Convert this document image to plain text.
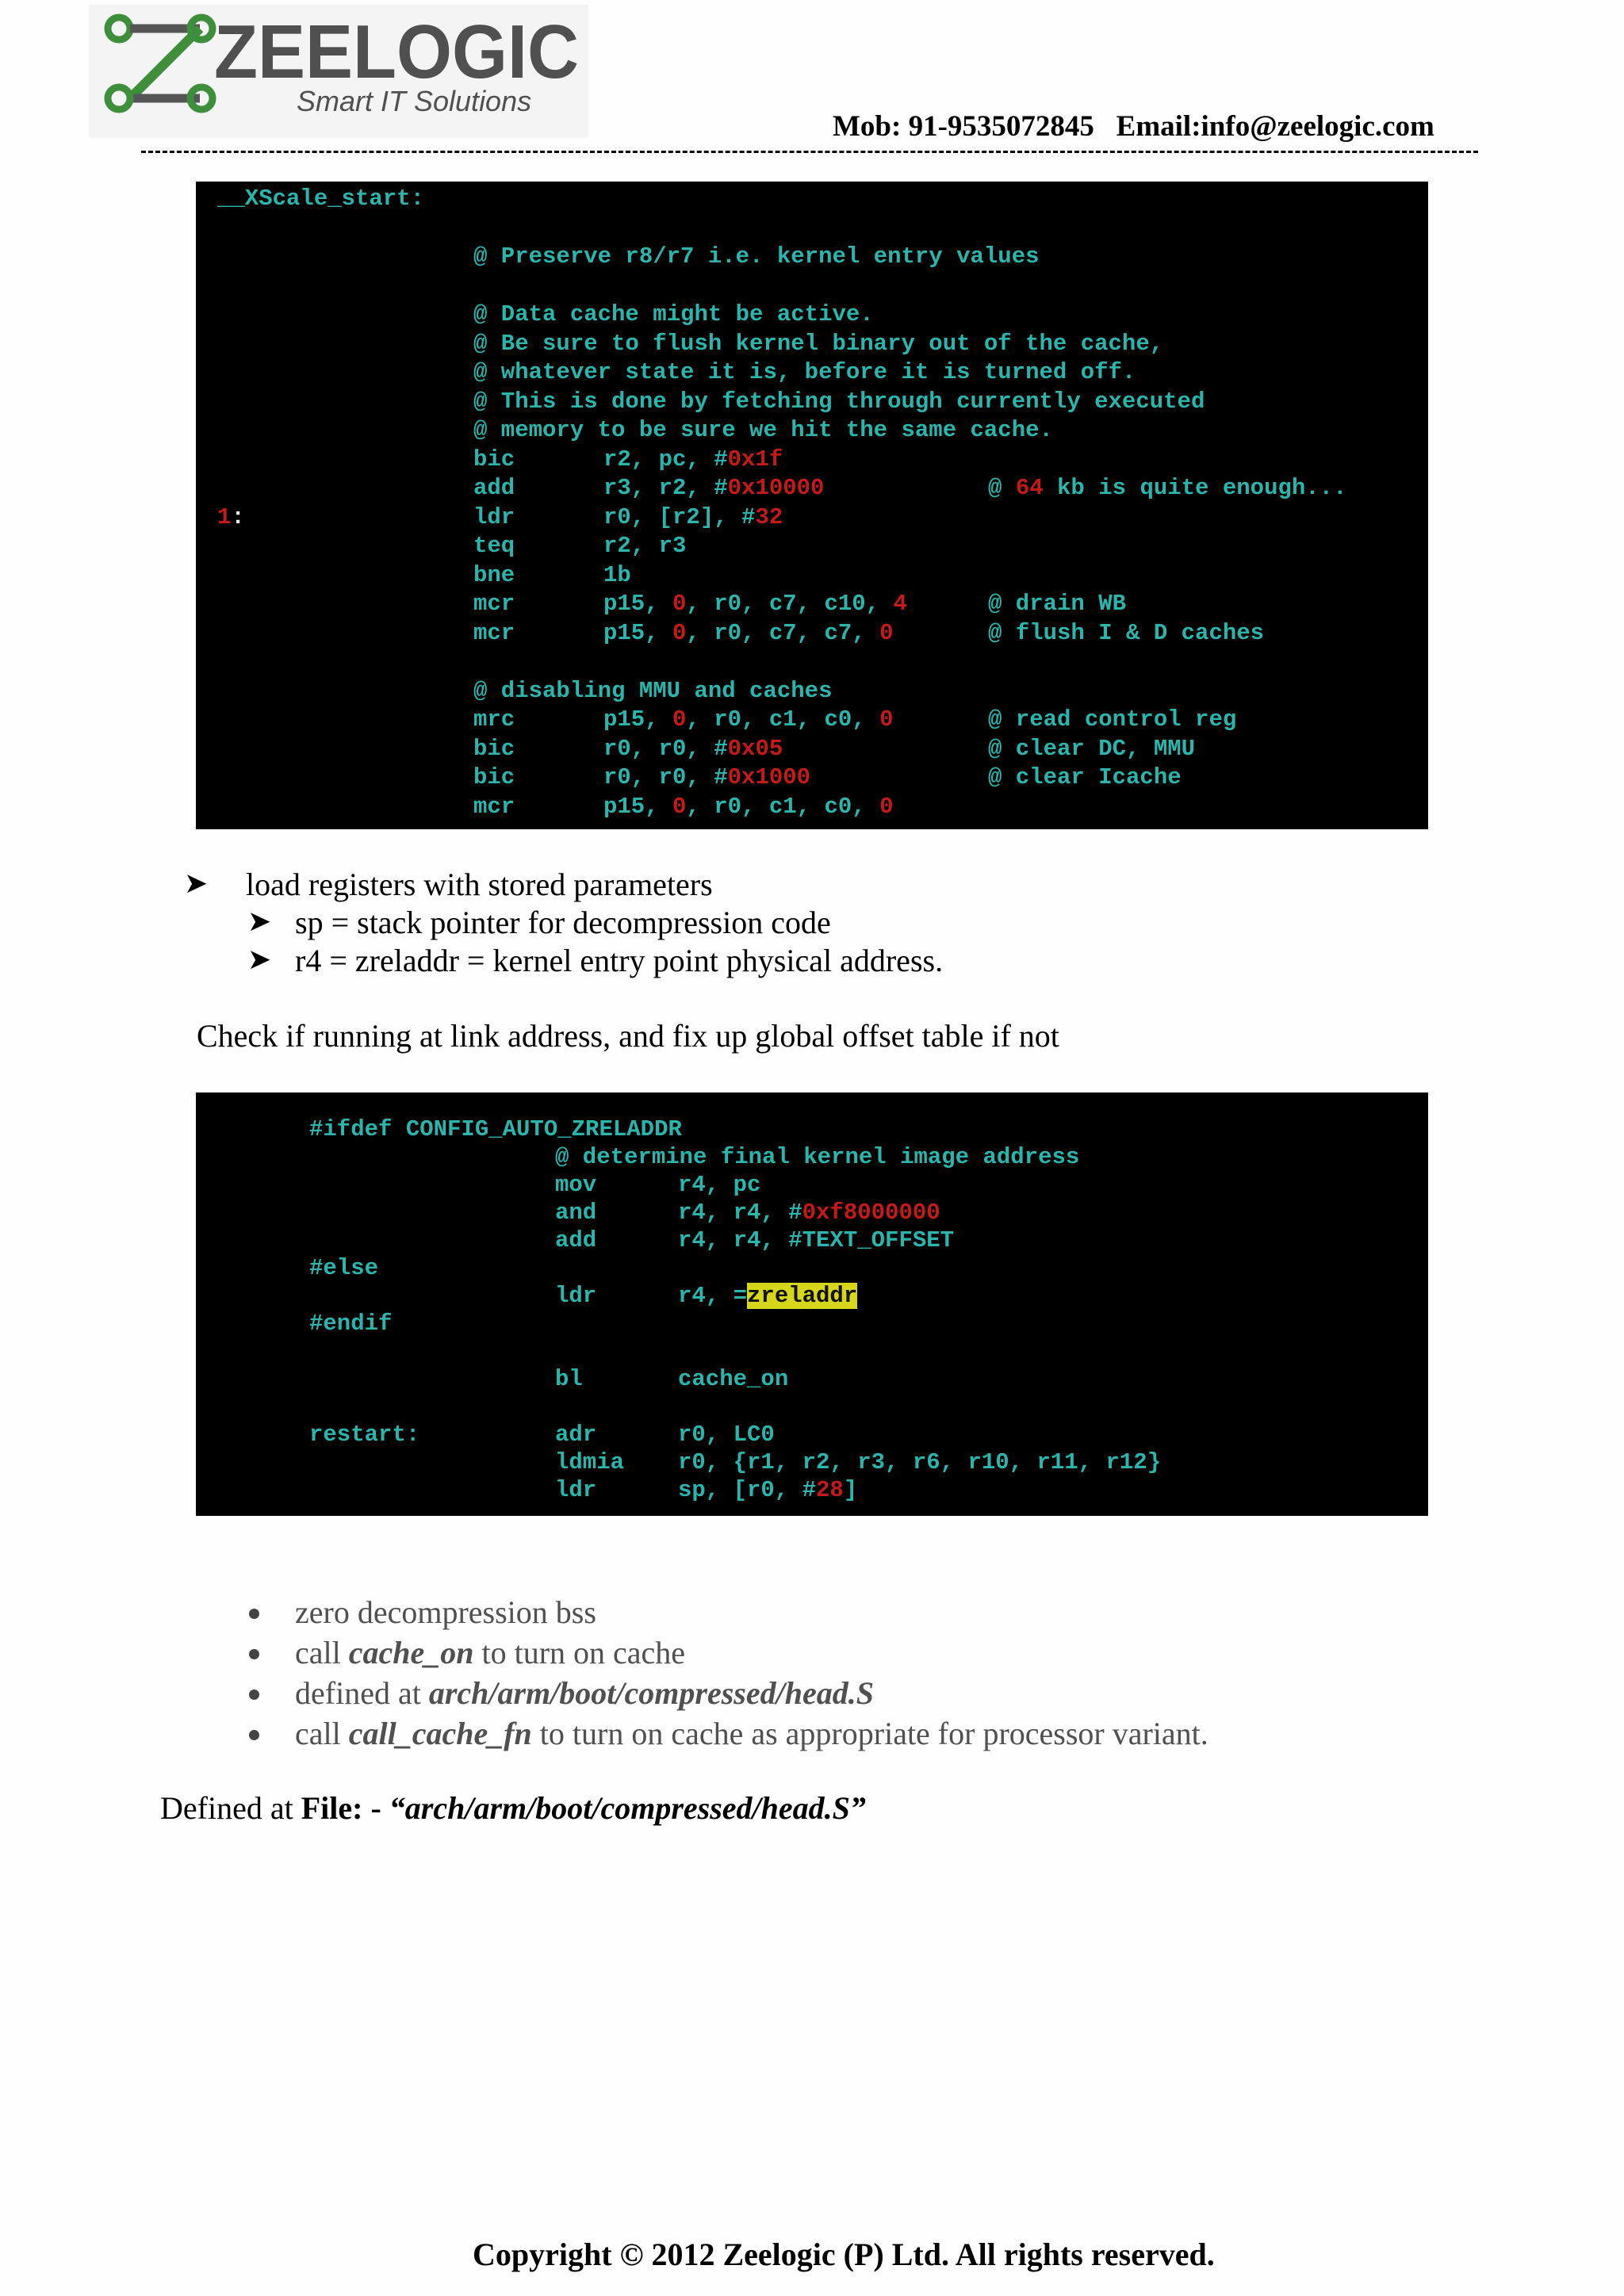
ZEELOGIC
Smart IT Solutions
Mob: 91-9535072845   Email:info@zeelogic.com
__XScale_start:
@ Preserve r8/r7 i.e. kernel entry values
@ Data cache might be active.
@ Be sure to flush kernel binary out of the cache,
@ whatever state it is, before it is turned off.
@ This is done by fetching through currently executed
@ memory to be sure we hit the same cache.
bic	r2, pc, #0x1f
add	r3, r2, #0x10000	@ 64 kb is quite enough...
1:	ldr	r0, [r2], #32
teq	r2, r3
bne	1b
mcr	p15, 0, r0, c7, c10, 4	@ drain WB
mcr	p15, 0, r0, c7, c7, 0	@ flush I & D caches
@ disabling MMU and caches
mrc	p15, 0, r0, c1, c0, 0	@ read control reg
bic	r0, r0, #0x05	@ clear DC, MMU
bic	r0, r0, #0x1000	@ clear Icache
mcr	p15, 0, r0, c1, c0, 0
➤ load registers with stored parameters
➤ sp = stack pointer for decompression code
➤ r4 = zreladdr = kernel entry point physical address.
Check if running at link address, and fix up global offset table if not
#ifdef CONFIG_AUTO_ZRELADDR
@ determine final kernel image address
mov	r4, pc
and	r4, r4, #0xf8000000
add	r4, r4, #TEXT_OFFSET
#else
ldr	r4, =zreladdr
#endif
bl	cache_on
restart:	adr	r0, LC0
ldmia r0, {r1, r2, r3, r6, r10, r11, r12}
ldr	sp, [r0, #28]
zero decompression bss
call cache_on to turn on cache
defined at arch/arm/boot/compressed/head.S
call call_cache_fn to turn on cache as appropriate for processor variant.
Defined at File: - “arch/arm/boot/compressed/head.S”
Copyright © 2012 Zeelogic (P) Ltd. All rights reserved.
